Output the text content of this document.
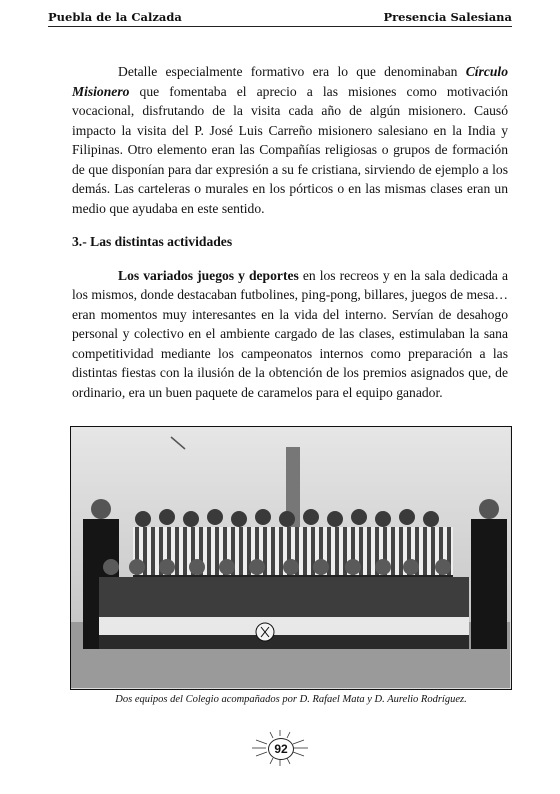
Puebla de la Calzada	Presencia Salesiana

Detalle especialmente formativo era lo que denominaban Círculo Misionero que fomentaba el aprecio a las misiones como motivación vocacional, disfrutando de la visita cada año de algún misionero. Causó impacto la visita del P. José Luis Carreño misionero salesiano en la India y Filipinas. Otro elemento eran las Compañías religiosas o grupos de formación de que disponían para dar expresión a su fe cristiana, sirviendo de ejemplo a los demás. Las carteleras o murales en los pórticos o en las mismas clases eran un medio que ayudaba en este sentido.

3.- Las distintas actividades

Los variados juegos y deportes en los recreos y en la sala dedicada a los mismos, donde destacaban futbolines, ping-pong, billares, juegos de mesa… eran momentos muy interesantes en la vida del interno. Servían de desahogo personal y colectivo en el ambiente cargado de las clases, estimulaban la sana competitividad mediante los campeonatos internos como preparación a las distintas fiestas con la ilusión de la obtención de los premios asignados que, de ordinario, era un buen paquete de caramelos para el equipo ganador.

Dos equipos del Colegio acompañados por D. Rafael Mata y D. Aurelio Rodríguez.
92
